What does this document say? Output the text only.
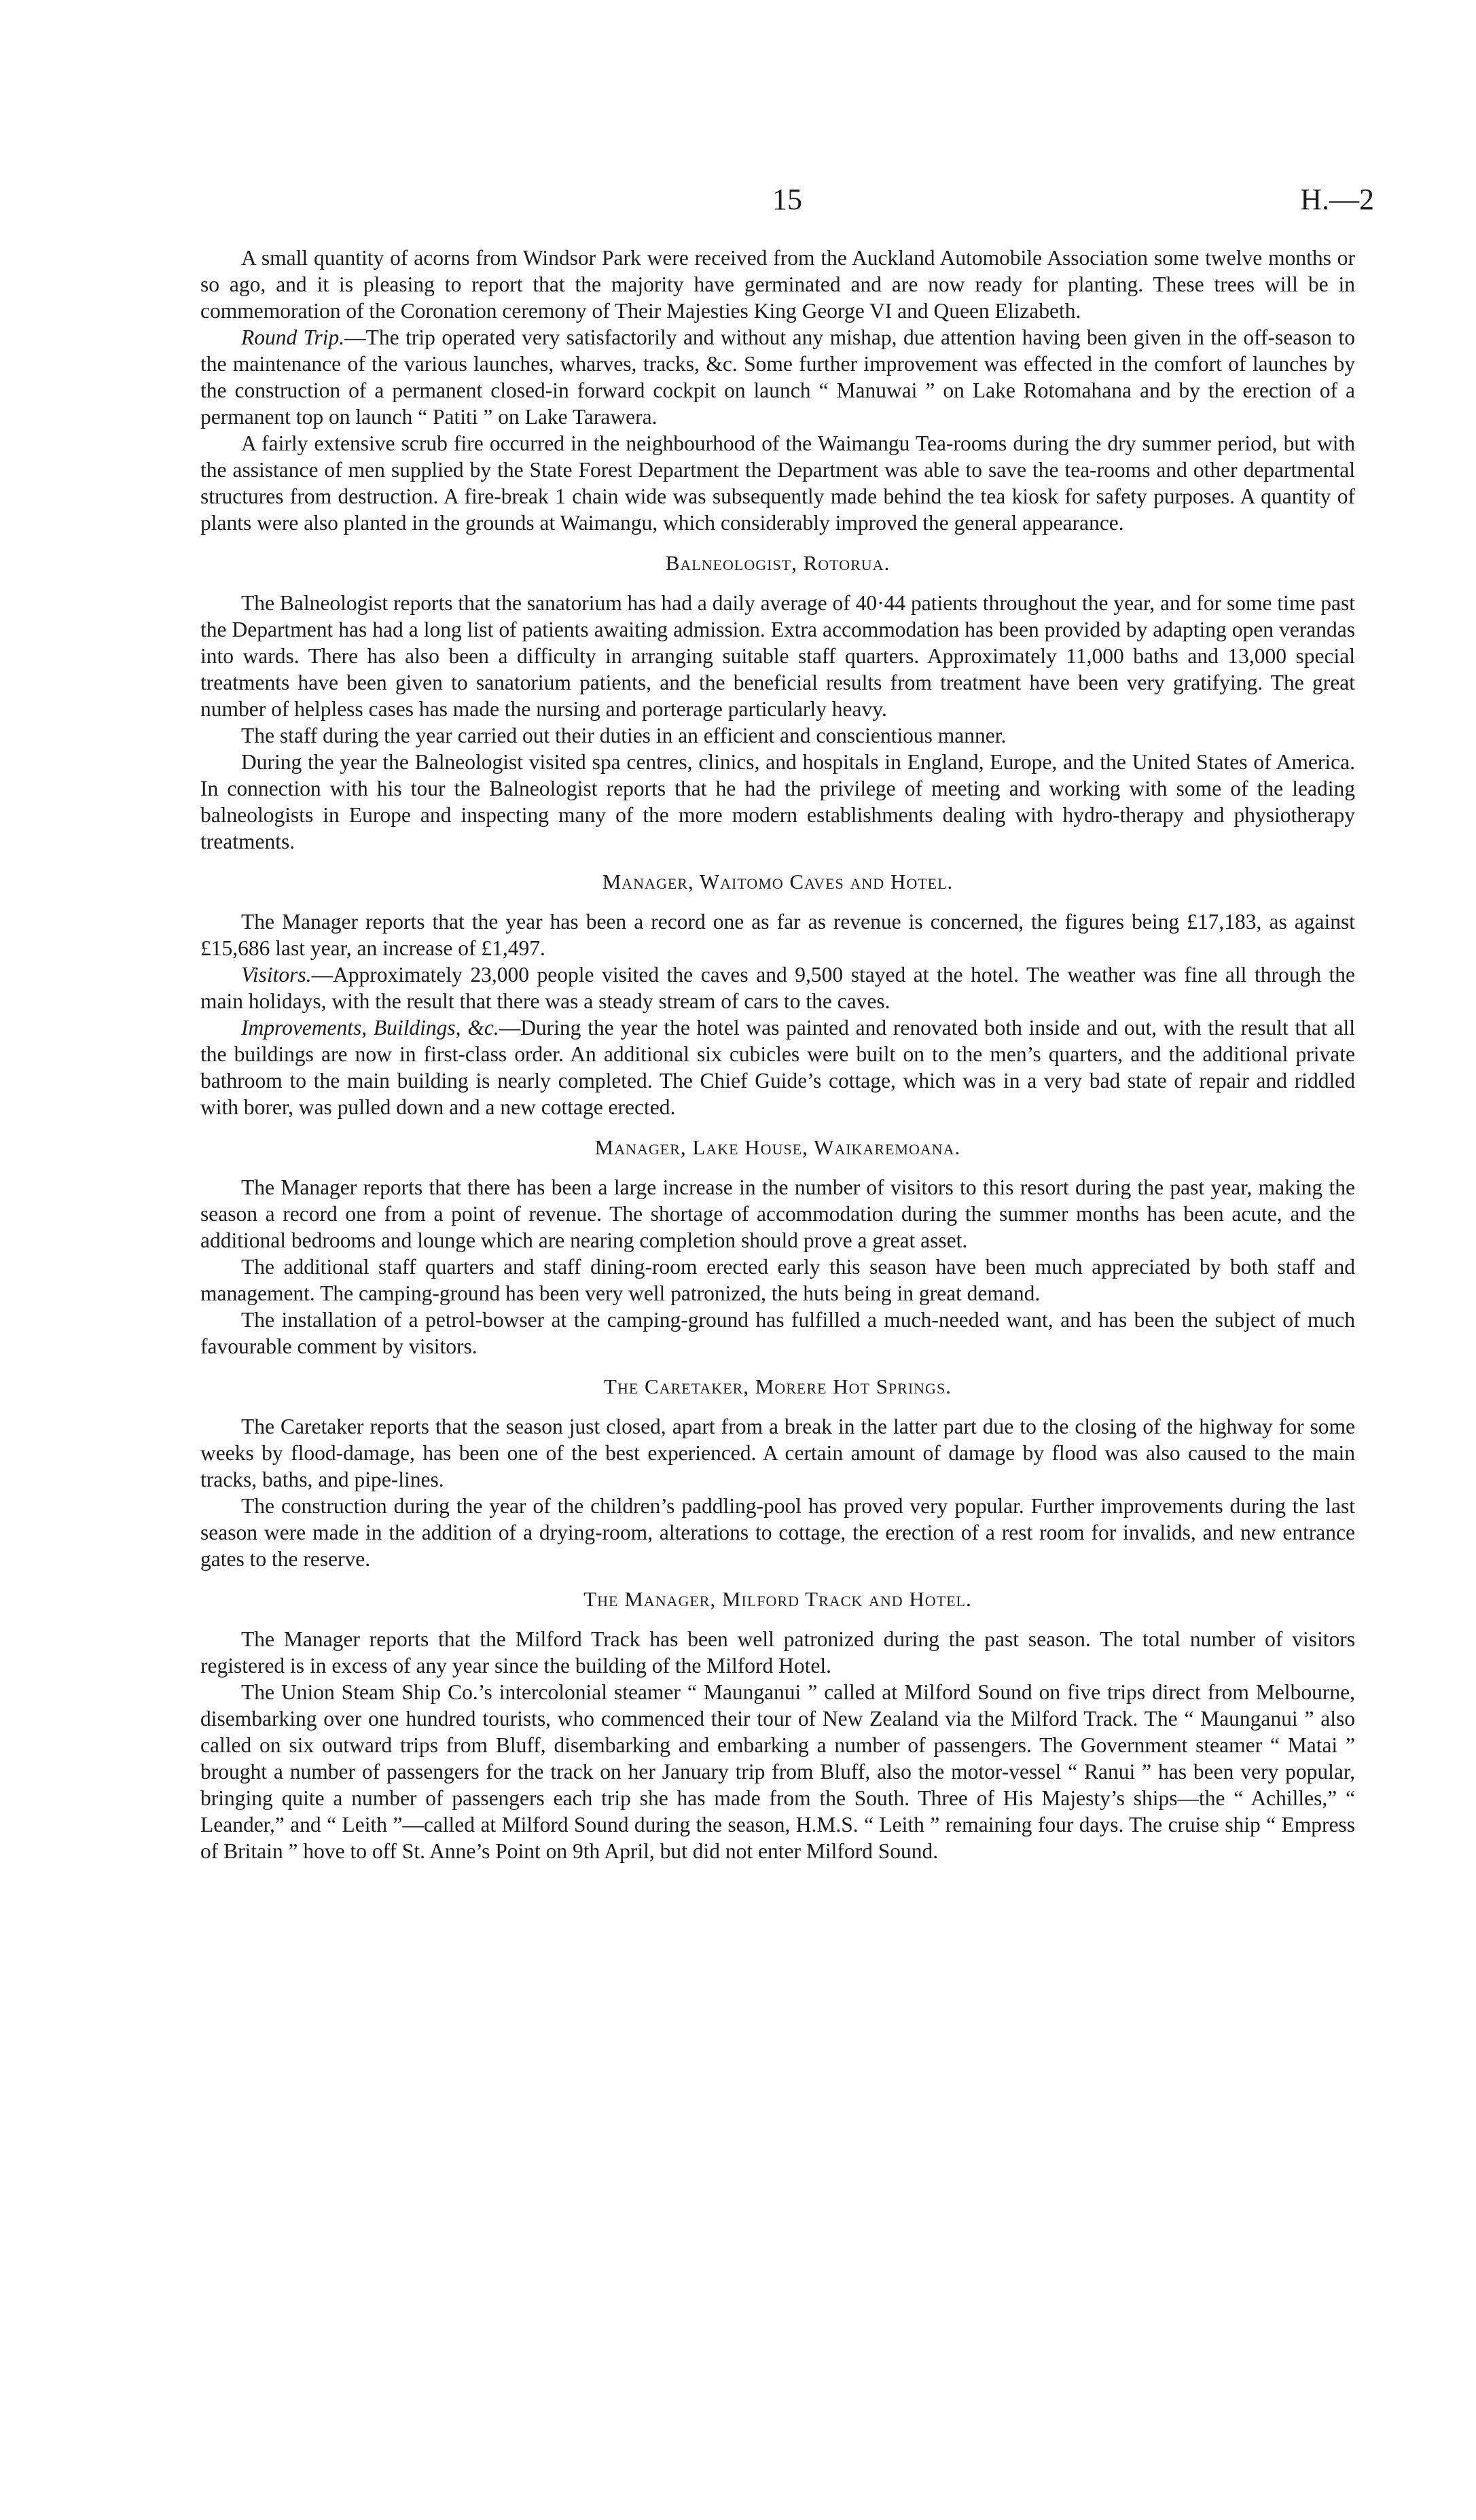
15	H.—2

A small quantity of acorns from Windsor Park were received from the Auckland Automobile Association some twelve months or so ago, and it is pleasing to report that the majority have germinated and are now ready for planting. These trees will be in commemoration of the Coronation ceremony of Their Majesties King George VI and Queen Elizabeth.

Round Trip.—The trip operated very satisfactorily and without any mishap, due attention having been given in the off-season to the maintenance of the various launches, wharves, tracks, &c. Some further improvement was effected in the comfort of launches by the construction of a permanent closed-in forward cockpit on launch “ Manuwai ” on Lake Rotomahana and by the erection of a permanent top on launch “ Patiti ” on Lake Tarawera.

A fairly extensive scrub fire occurred in the neighbourhood of the Waimangu Tea-rooms during the dry summer period, but with the assistance of men supplied by the State Forest Department the Department was able to save the tea-rooms and other departmental structures from destruction. A fire-break 1 chain wide was subsequently made behind the tea kiosk for safety purposes. A quantity of plants were also planted in the grounds at Waimangu, which considerably improved the general appearance.

Balneologist, Rotorua.

The Balneologist reports that the sanatorium has had a daily average of 40·44 patients throughout the year, and for some time past the Department has had a long list of patients awaiting admission. Extra accommodation has been provided by adapting open verandas into wards. There has also been a difficulty in arranging suitable staff quarters. Approximately 11,000 baths and 13,000 special treatments have been given to sanatorium patients, and the beneficial results from treatment have been very gratifying. The great number of helpless cases has made the nursing and porterage particularly heavy.

The staff during the year carried out their duties in an efficient and conscientious manner.

During the year the Balneologist visited spa centres, clinics, and hospitals in England, Europe, and the United States of America. In connection with his tour the Balneologist reports that he had the privilege of meeting and working with some of the leading balneologists in Europe and inspecting many of the more modern establishments dealing with hydro-therapy and physiotherapy treatments.

Manager, Waitomo Caves and Hotel.

The Manager reports that the year has been a record one as far as revenue is concerned, the figures being £17,183, as against £15,686 last year, an increase of £1,497.

Visitors.—Approximately 23,000 people visited the caves and 9,500 stayed at the hotel. The weather was fine all through the main holidays, with the result that there was a steady stream of cars to the caves.

Improvements, Buildings, &c.—During the year the hotel was painted and renovated both inside and out, with the result that all the buildings are now in first-class order. An additional six cubicles were built on to the men’s quarters, and the additional private bathroom to the main building is nearly completed. The Chief Guide’s cottage, which was in a very bad state of repair and riddled with borer, was pulled down and a new cottage erected.

Manager, Lake House, Waikaremoana.

The Manager reports that there has been a large increase in the number of visitors to this resort during the past year, making the season a record one from a point of revenue. The shortage of accommodation during the summer months has been acute, and the additional bedrooms and lounge which are nearing completion should prove a great asset.

The additional staff quarters and staff dining-room erected early this season have been much appreciated by both staff and management. The camping-ground has been very well patronized, the huts being in great demand.

The installation of a petrol-bowser at the camping-ground has fulfilled a much-needed want, and has been the subject of much favourable comment by visitors.

The Caretaker, Morere Hot Springs.

The Caretaker reports that the season just closed, apart from a break in the latter part due to the closing of the highway for some weeks by flood-damage, has been one of the best experienced. A certain amount of damage by flood was also caused to the main tracks, baths, and pipe-lines.

The construction during the year of the children’s paddling-pool has proved very popular. Further improvements during the last season were made in the addition of a drying-room, alterations to cottage, the erection of a rest room for invalids, and new entrance gates to the reserve.

The Manager, Milford Track and Hotel.

The Manager reports that the Milford Track has been well patronized during the past season. The total number of visitors registered is in excess of any year since the building of the Milford Hotel.

The Union Steam Ship Co.’s intercolonial steamer “ Maunganui ” called at Milford Sound on five trips direct from Melbourne, disembarking over one hundred tourists, who commenced their tour of New Zealand via the Milford Track. The “ Maunganui ” also called on six outward trips from Bluff, disembarking and embarking a number of passengers. The Government steamer “ Matai ” brought a number of passengers for the track on her January trip from Bluff, also the motor-vessel “ Ranui ” has been very popular, bringing quite a number of passengers each trip she has made from the South. Three of His Majesty’s ships—the “ Achilles,” “ Leander,” and “ Leith ”—called at Milford Sound during the season, H.M.S. “ Leith ” remaining four days. The cruise ship “ Empress of Britain ” hove to off St. Anne’s Point on 9th April, but did not enter Milford Sound.
